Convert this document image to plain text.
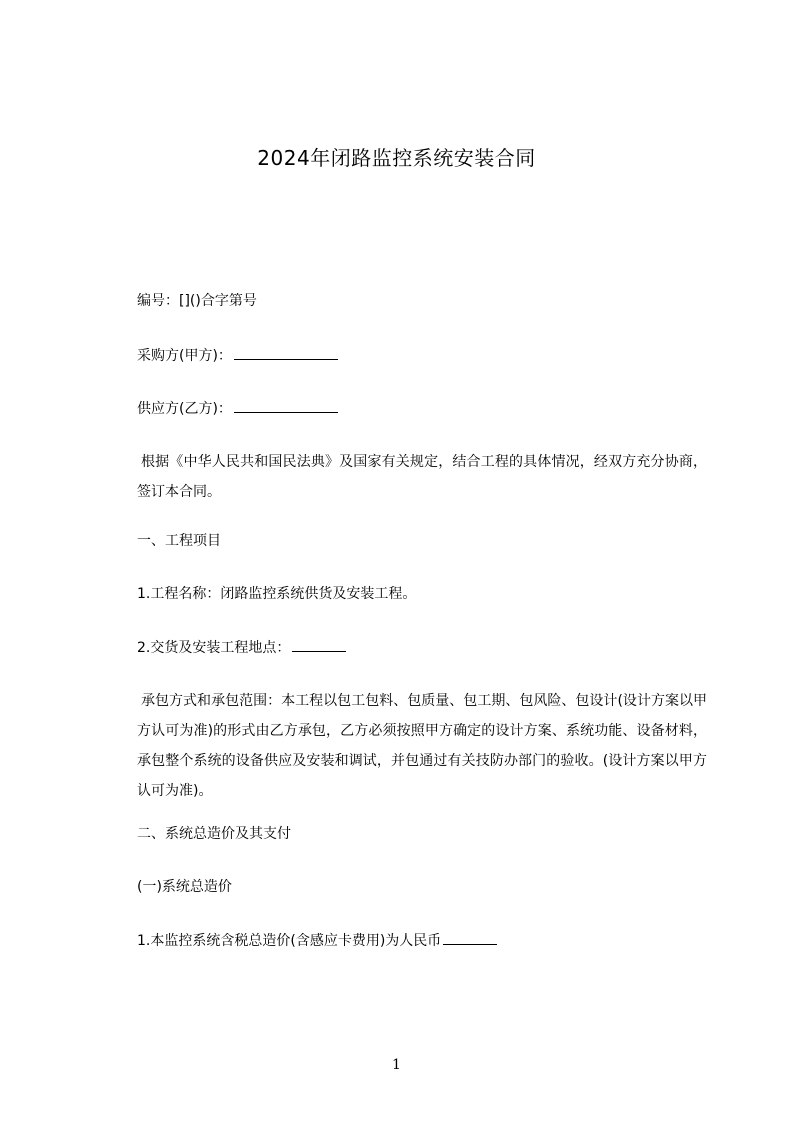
2024年闭路监控系统安装合同
编号：[]()合字第号
采购方(甲方)：
供应方(乙方)：
根据《中华人民共和国民法典》及国家有关规定，结合工程的具体情况，经双方充分协商，签订本合同。
一、工程项目
1.工程名称：闭路监控系统供货及安装工程。
2.交货及安装工程地点：
承包方式和承包范围：本工程以包工包料、包质量、包工期、包风险、包设计(设计方案以甲方认可为准)的形式由乙方承包，乙方必须按照甲方确定的设计方案、系统功能、设备材料，承包整个系统的设备供应及安装和调试，并包通过有关技防办部门的验收。(设计方案以甲方认可为准)。
二、系统总造价及其支付
(一)系统总造价
1.本监控系统含税总造价(含感应卡费用)为人民币
1
